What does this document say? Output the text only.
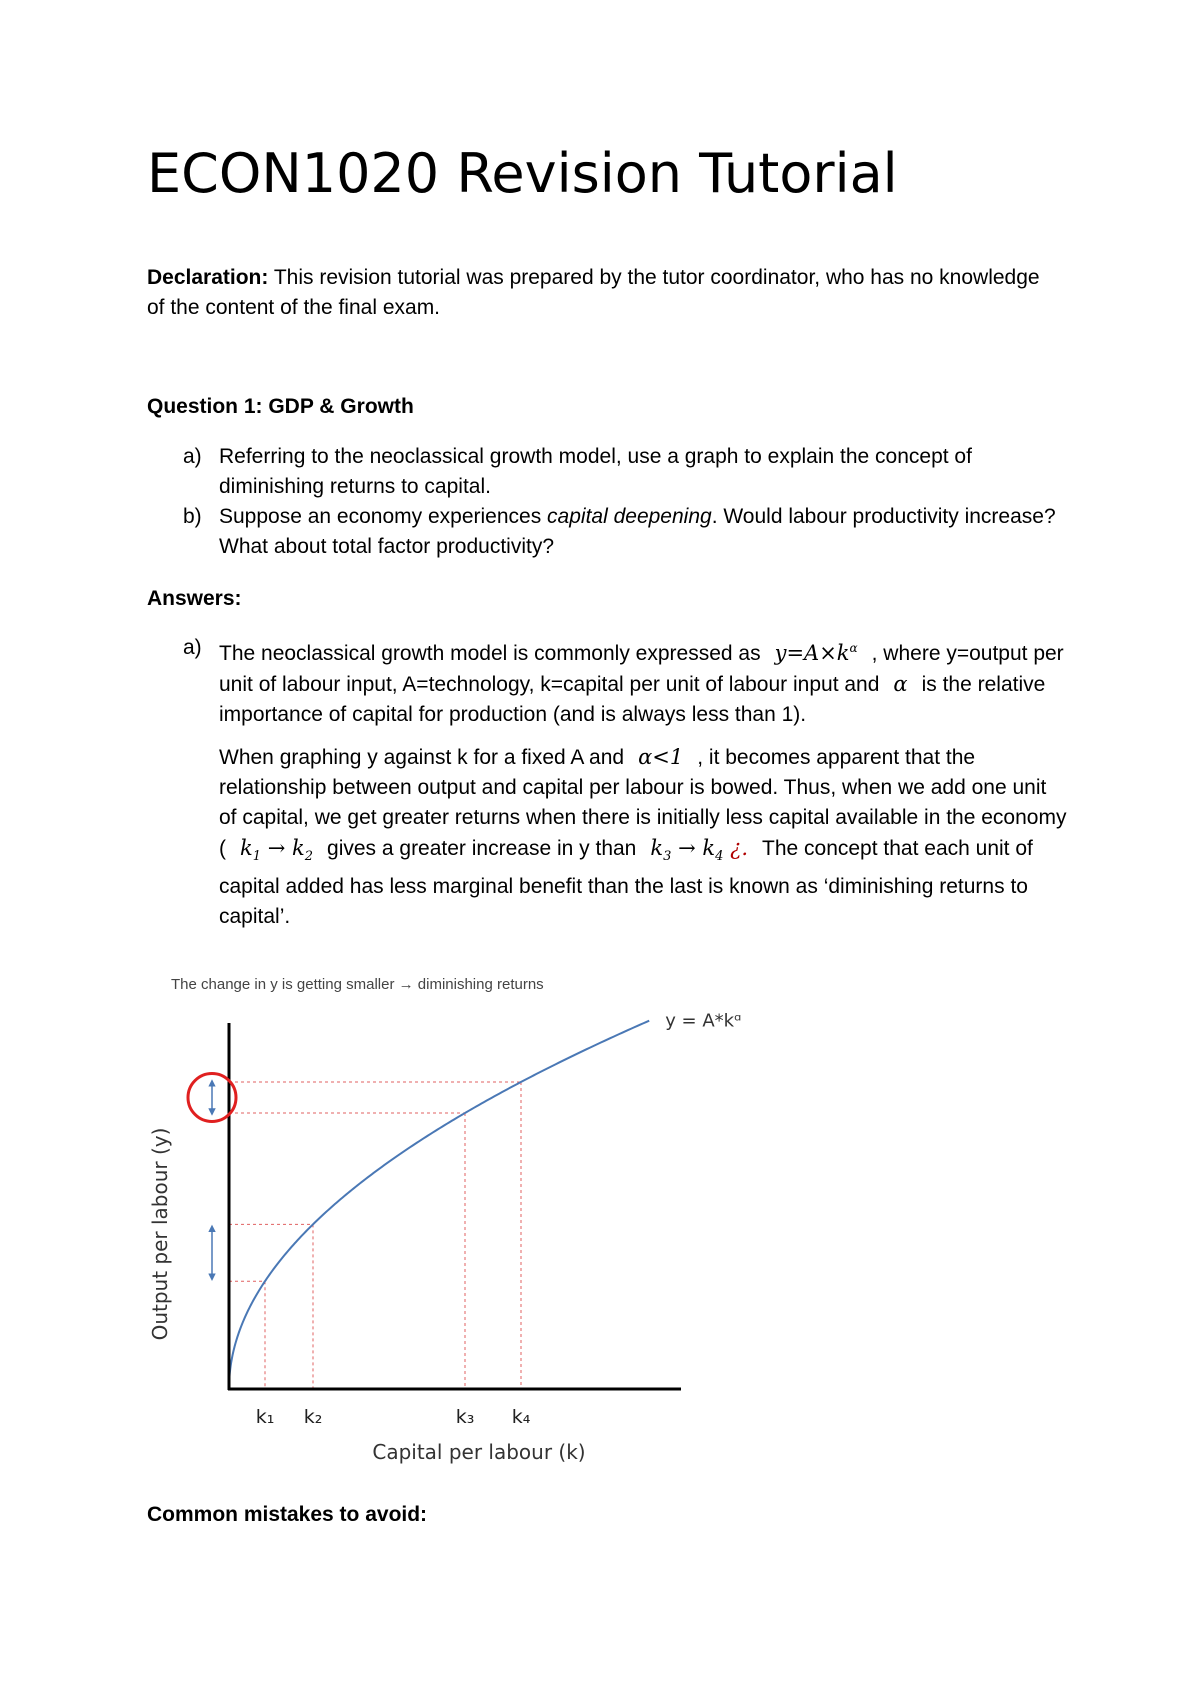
ECON1020 Revision Tutorial
Declaration: This revision tutorial was prepared by the tutor coordinator, who has no knowledge of the content of the final exam.
Question 1: GDP & Growth
a) Referring to the neoclassical growth model, use a graph to explain the concept of diminishing returns to capital.
b) Suppose an economy experiences capital deepening. Would labour productivity increase? What about total factor productivity?
Answers:
a) The neoclassical growth model is commonly expressed as $y=A\times k^\alpha$ , where y=output per unit of labour input, A=technology, k=capital per unit of labour input and α is the relative importance of capital for production (and is always less than 1).
When graphing y against k for a fixed A and α<1 , it becomes apparent that the relationship between output and capital per labour is bowed. Thus, when we add one unit of capital, we get greater returns when there is initially less capital available in the economy ( $k_1 \to k_2$ gives a greater increase in y than $k_3 \to k_4$ ¿. The concept that each unit of capital added has less marginal benefit than the last is known as ‘diminishing returns to capital’.
The change in y is getting smaller → diminishing returns
y = A*kᵅ
k₁ k₂	k₃ k₄
Capital per labour (k)
Output per labour (y)
Common mistakes to avoid:
